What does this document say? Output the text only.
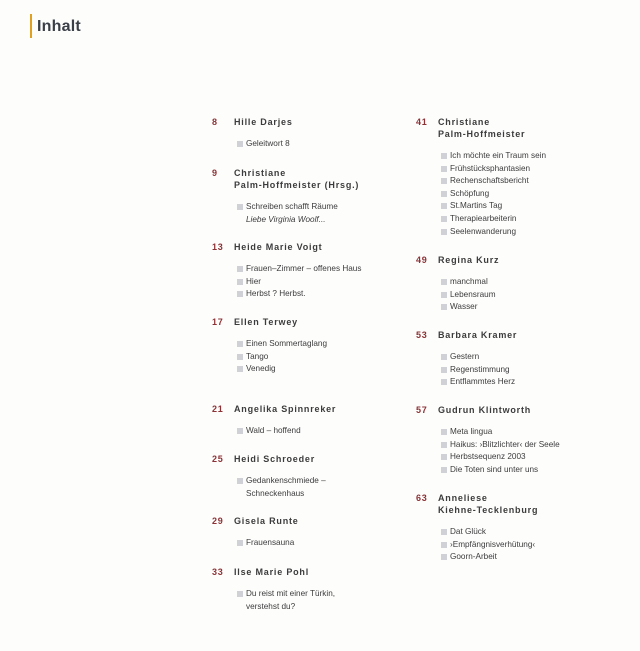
Inhalt
8	Hille Darjes
Geleitwort 8
9	Christiane
Palm-Hoffmeister (Hrsg.)
Schreiben schafft Räume
Liebe Virginia Woolf...
13	Heide Marie Voigt
Frauen–Zimmer – offenes Haus
Hier
Herbst ? Herbst.
17	Ellen Terwey
Einen Sommertaglang
Tango
Venedig
21	Angelika Spinnreker
Wald – hoffend
25	Heidi Schroeder
Gedankenschmiede –
Schneckenhaus
29	Gisela Runte
Frauensauna
33	Ilse Marie Pohl
Du reist mit einer Türkin,
verstehst du?
41	Christiane
Palm-Hoffmeister
Ich möchte ein Traum sein
Frühstücksphantasien
Rechenschaftsbericht
Schöpfung
St.Martins Tag
Therapiearbeiterin
Seelenwanderung
49	Regina Kurz
manchmal
Lebensraum
Wasser
53	Barbara Kramer
Gestern
Regenstimmung
Entflammtes Herz
57	Gudrun Klintworth
Meta lingua
Haikus: ›Blitzlichter‹ der Seele
Herbstsequenz 2003
Die Toten sind unter uns
63	Anneliese
Kiehne-Tecklenburg
Dat Glück
›Empfängnisverhütung‹
Goorn-Arbeit
